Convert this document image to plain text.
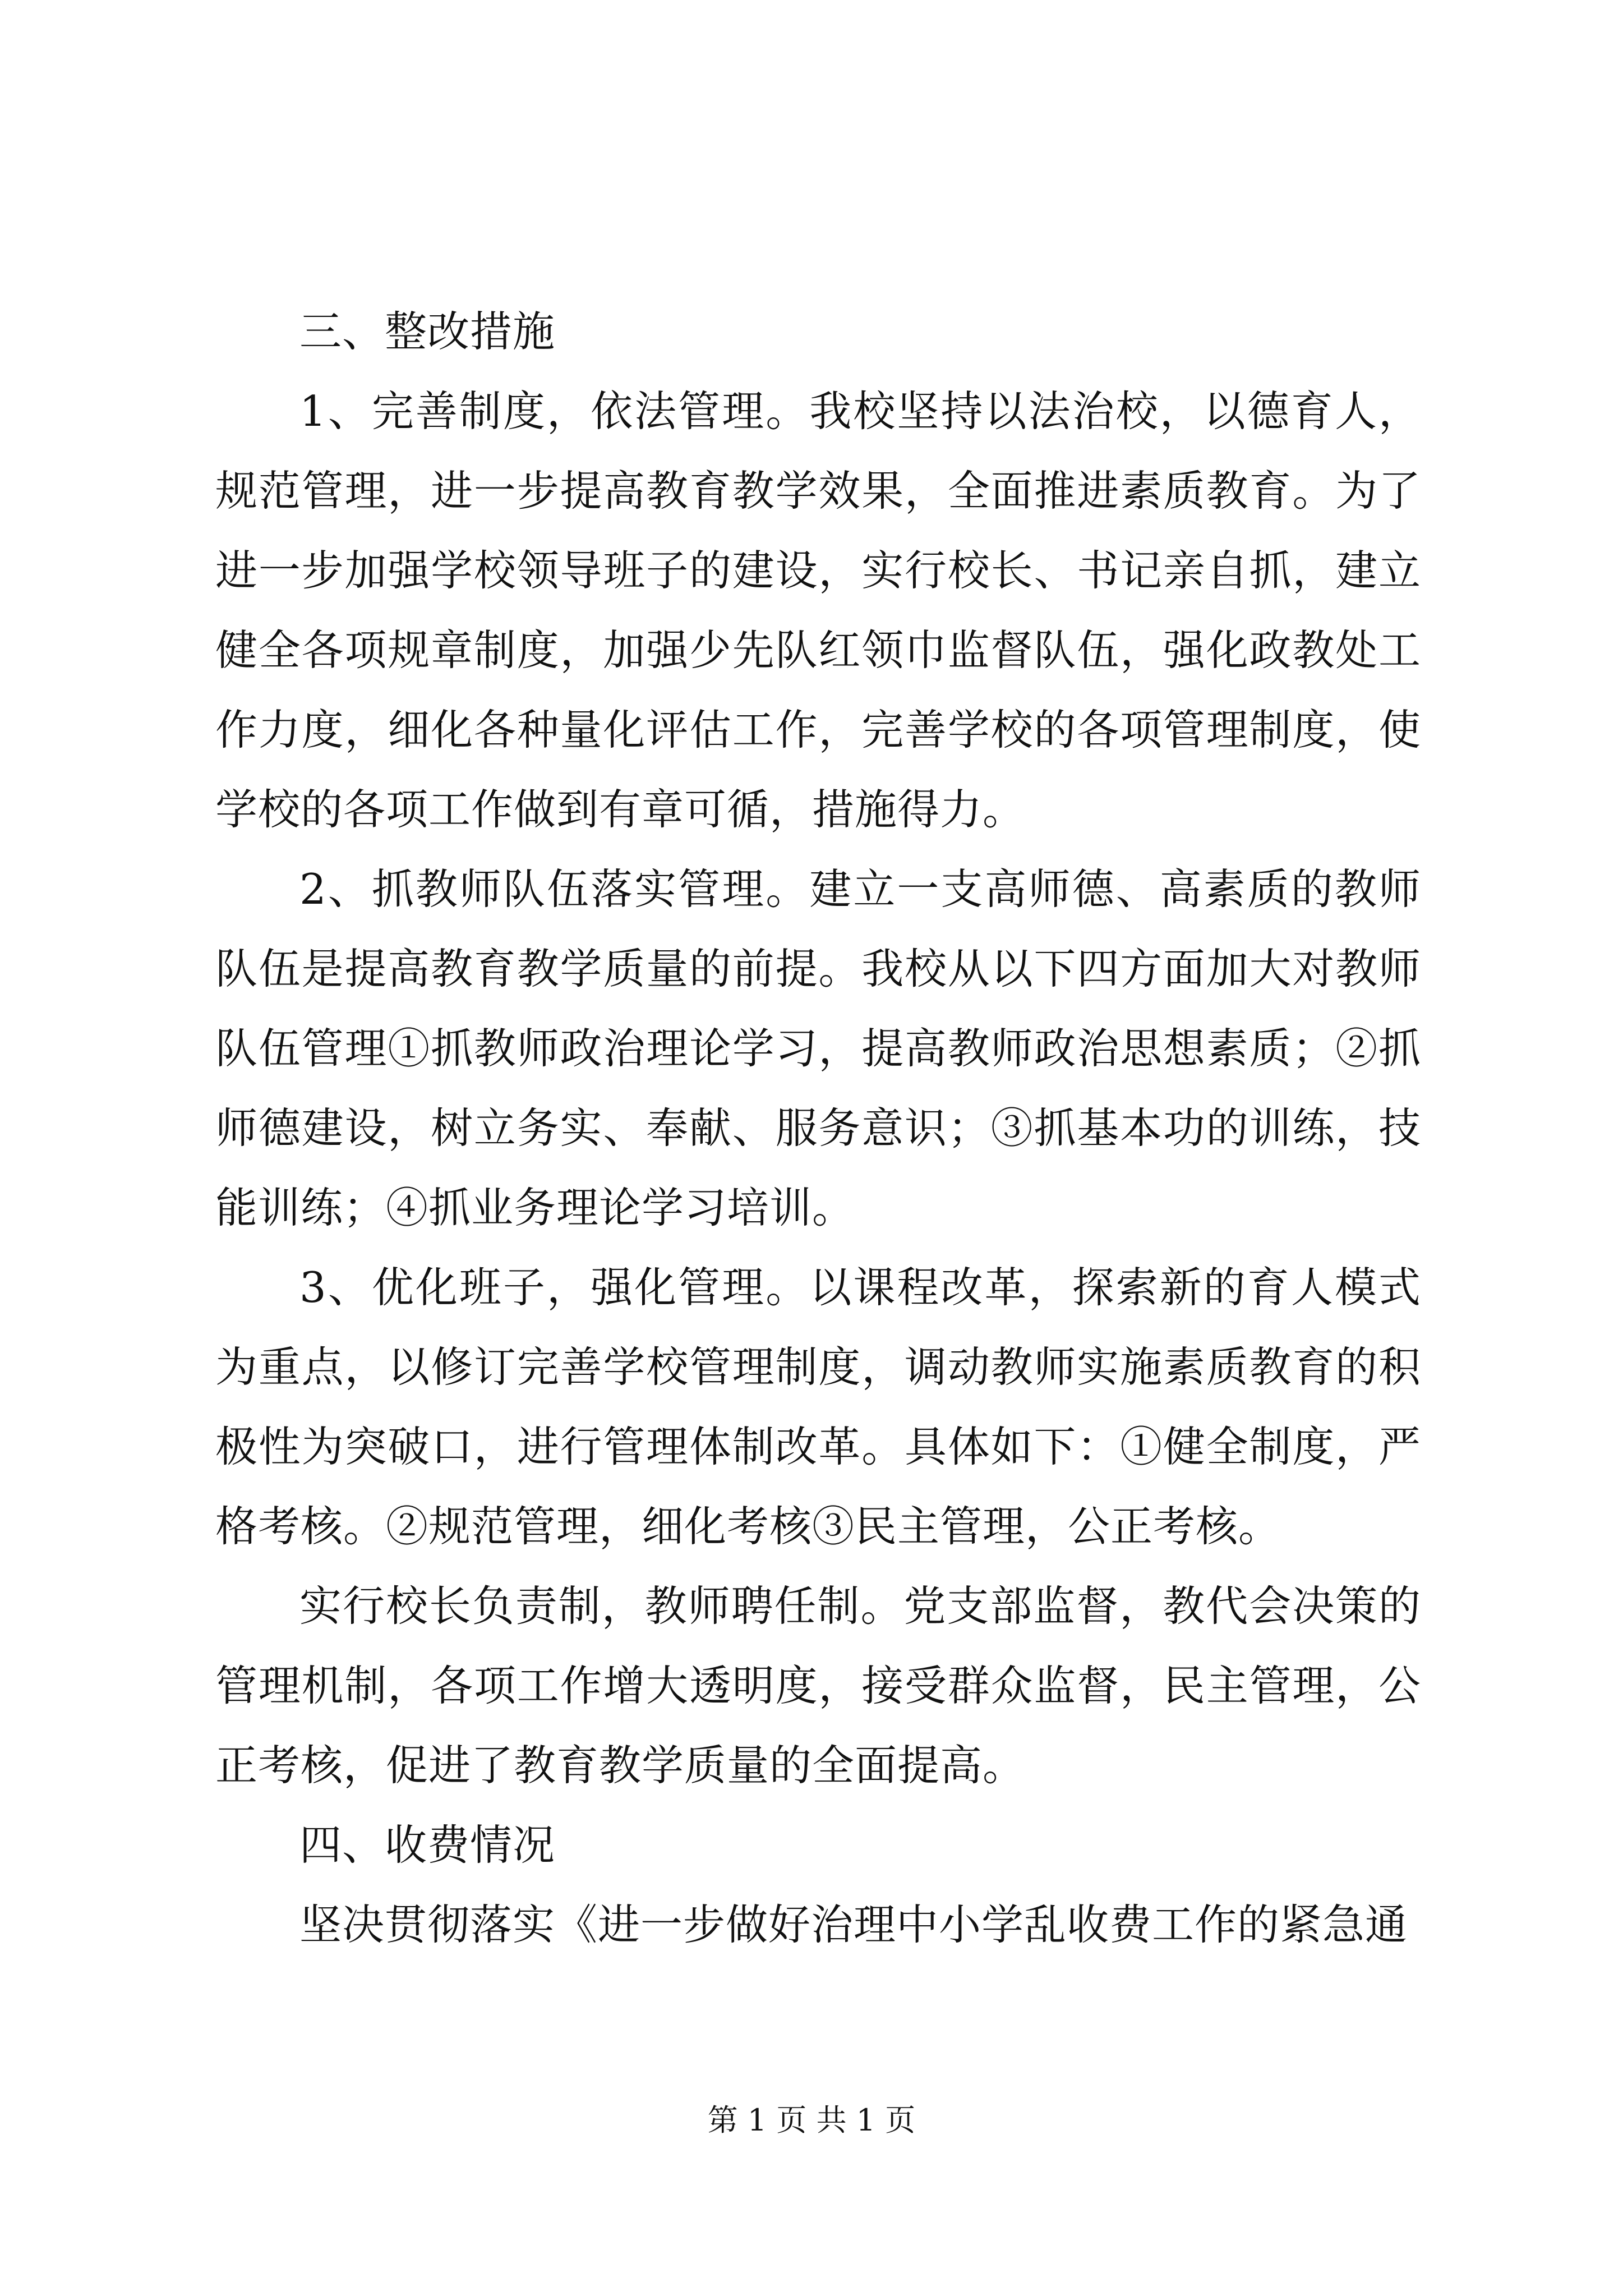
三、整改措施

1、完善制度，依法管理。我校坚持以法治校，以德育人，规范管理，进一步提高教育教学效果，全面推进素质教育。为了进一步加强学校领导班子的建设，实行校长、书记亲自抓，建立健全各项规章制度，加强少先队红领巾监督队伍，强化政教处工作力度，细化各种量化评估工作，完善学校的各项管理制度，使学校的各项工作做到有章可循，措施得力。

2、抓教师队伍落实管理。建立一支高师德、高素质的教师队伍是提高教育教学质量的前提。我校从以下四方面加大对教师队伍管理①抓教师政治理论学习，提高教师政治思想素质；②抓师德建设，树立务实、奉献、服务意识；③抓基本功的训练，技能训练；④抓业务理论学习培训。

3、优化班子，强化管理。以课程改革，探索新的育人模式为重点，以修订完善学校管理制度，调动教师实施素质教育的积极性为突破口，进行管理体制改革。具体如下：①健全制度，严格考核。②规范管理，细化考核③民主管理，公正考核。

实行校长负责制，教师聘任制。党支部监督，教代会决策的管理机制，各项工作增大透明度，接受群众监督，民主管理，公正考核，促进了教育教学质量的全面提高。

四、收费情况

坚决贯彻落实《进一步做好治理中小学乱收费工作的紧急通

第 1 页 共 1 页
